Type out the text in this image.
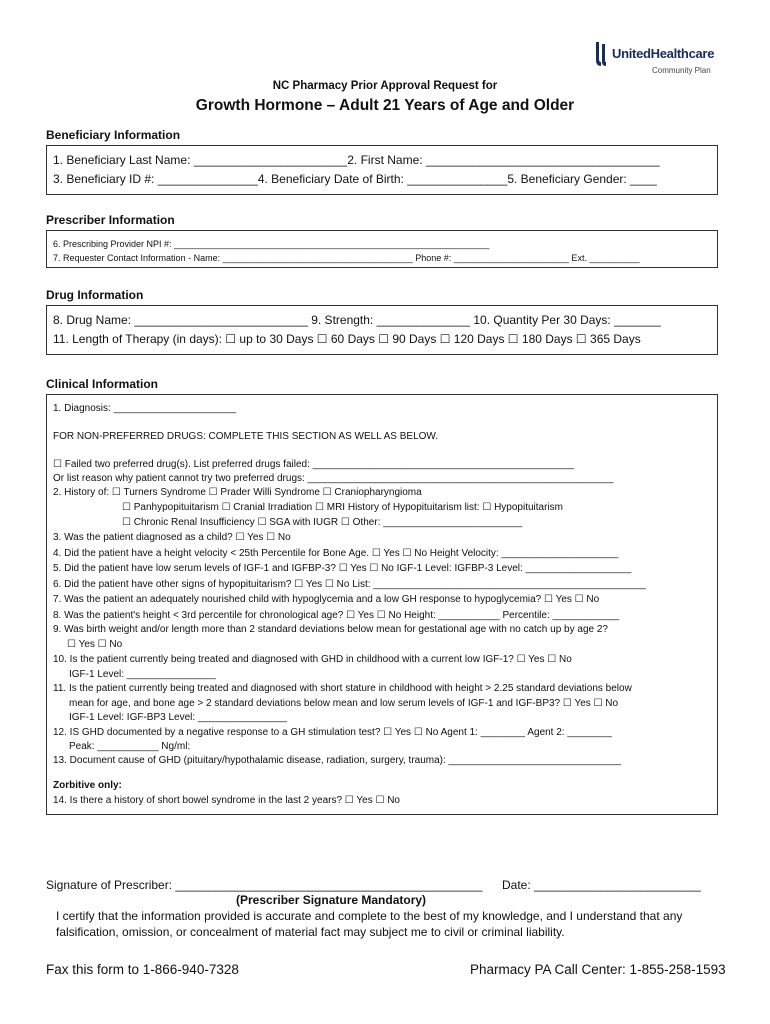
UnitedHealthcare
Community Plan
NC Pharmacy Prior Approval Request for
Growth Hormone – Adult 21 Years of Age and Older
Beneficiary Information
1. Beneficiary Last Name: _______________________2. First Name: ___________________________________
3. Beneficiary ID #: _______________4. Beneficiary Date of Birth: _______________5. Beneficiary Gender: ____
Prescriber Information
6. Prescribing Provider NPI #: _______________________________________________________________
7. Requester Contact Information - Name: ______________________________________ Phone #: _______________________ Ext. __________
Drug Information
8. Drug Name: __________________________ 9. Strength: ______________ 10. Quantity Per 30 Days: _______
11. Length of Therapy (in days): ☐ up to 30 Days ☐ 60 Days ☐ 90 Days ☐ 120 Days ☐ 180 Days ☐ 365 Days
Clinical Information
1. Diagnosis: ______________________
FOR NON-PREFERRED DRUGS: COMPLETE THIS SECTION AS WELL AS BELOW.
☐ Failed two preferred drug(s). List preferred drugs failed: _______________________________________________
Or list reason why patient cannot try two preferred drugs: _______________________________________________________
2. History of: ☐ Turners Syndrome ☐ Prader Willi Syndrome ☐ Craniopharyngioma
☐ Panhypopituitarism ☐ Cranial Irradiation ☐ MRI History of Hypopituitarism list: ☐ Hypopituitarism
☐ Chronic Renal Insufficiency ☐ SGA with IUGR ☐ Other: _________________________
3. Was the patient diagnosed as a child? ☐ Yes ☐ No
4. Did the patient have a height velocity < 25th Percentile for Bone Age. ☐ Yes ☐ No Height Velocity: _____________________
5. Did the patient have low serum levels of IGF-1 and IGFBP-3? ☐ Yes ☐ No IGF-1 Level: IGFBP-3 Level: ___________________
6. Did the patient have other signs of hypopituitarism? ☐ Yes ☐ No List: _________________________________________________
7. Was the patient an adequately nourished child with hypoglycemia and a low GH response to hypoglycemia? ☐ Yes ☐ No
8. Was the patient's height < 3rd percentile for chronological age? ☐ Yes ☐ No Height: ___________ Percentile: ____________
9. Was birth weight and/or length more than 2 standard deviations below mean for gestational age with no catch up by age 2?
☐ Yes ☐ No
10. Is the patient currently being treated and diagnosed with GHD in childhood with a current low IGF-1? ☐ Yes ☐ No
IGF-1 Level: ________________
11. Is the patient currently being treated and diagnosed with short stature in childhood with height > 2.25 standard deviations below
mean for age, and bone age > 2 standard deviations below mean and low serum levels of IGF-1 and IGF-BP3? ☐ Yes ☐ No
IGF-1 Level: IGF-BP3 Level: ________________
12. IS GHD documented by a negative response to a GH stimulation test? ☐ Yes ☐ No Agent 1: ________ Agent 2: ________
Peak: ___________ Ng/ml:
13. Document cause of GHD (pituitary/hypothalamic disease, radiation, surgery, trauma): _______________________________
Zorbitive only:
14. Is there a history of short bowel syndrome in the last 2 years? ☐ Yes ☐ No
Signature of Prescriber: ______________________________________________ Date: _________________________
(Prescriber Signature Mandatory)
I certify that the information provided is accurate and complete to the best of my knowledge, and I understand that any falsification, omission, or concealment of material fact may subject me to civil or criminal liability.
Fax this form to 1-866-940-7328	Pharmacy PA Call Center: 1-855-258-1593
